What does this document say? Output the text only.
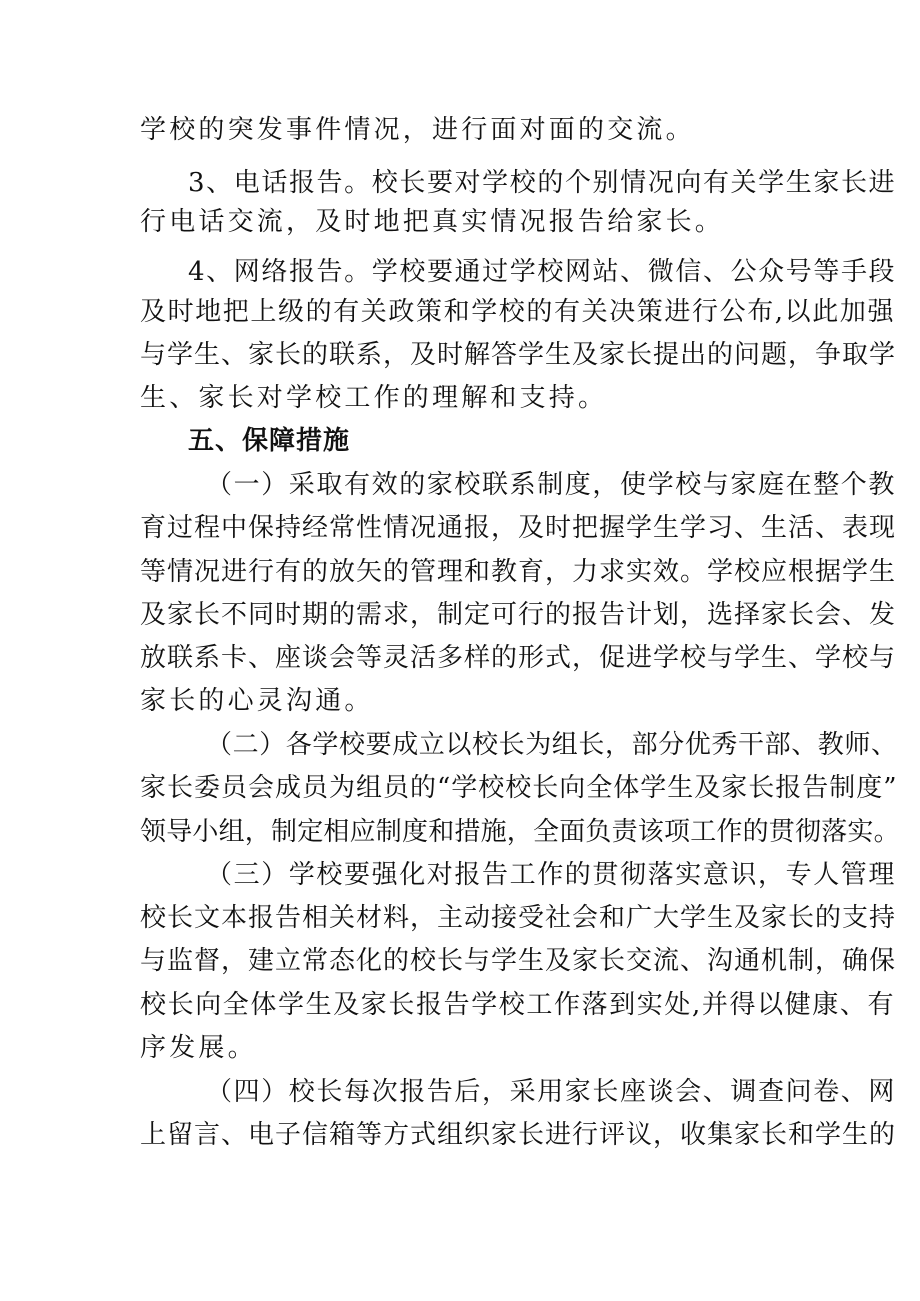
学校的突发事件情况，进行面对面的交流。
3、电话报告。校长要对学校的个别情况向有关学生家长进
行电话交流，及时地把真实情况报告给家长。
4、网络报告。学校要通过学校网站、微信、公众号等手段
及时地把上级的有关政策和学校的有关决策进行公布,以此加强
与学生、家长的联系，及时解答学生及家长提出的问题，争取学
生、家长对学校工作的理解和支持。
五、保障措施
（一）采取有效的家校联系制度，使学校与家庭在整个教
育过程中保持经常性情况通报，及时把握学生学习、生活、表现
等情况进行有的放矢的管理和教育，力求实效。学校应根据学生
及家长不同时期的需求，制定可行的报告计划，选择家长会、发
放联系卡、座谈会等灵活多样的形式，促进学校与学生、学校与
家长的心灵沟通。
（二）各学校要成立以校长为组长，部分优秀干部、教师、
家长委员会成员为组员的“学校校长向全体学生及家长报告制度”
领导小组，制定相应制度和措施，全面负责该项工作的贯彻落实。
（三）学校要强化对报告工作的贯彻落实意识，专人管理
校长文本报告相关材料，主动接受社会和广大学生及家长的支持
与监督，建立常态化的校长与学生及家长交流、沟通机制，确保
校长向全体学生及家长报告学校工作落到实处,并得以健康、有
序发展。
（四）校长每次报告后，采用家长座谈会、调查问卷、网
上留言、电子信箱等方式组织家长进行评议，收集家长和学生的
